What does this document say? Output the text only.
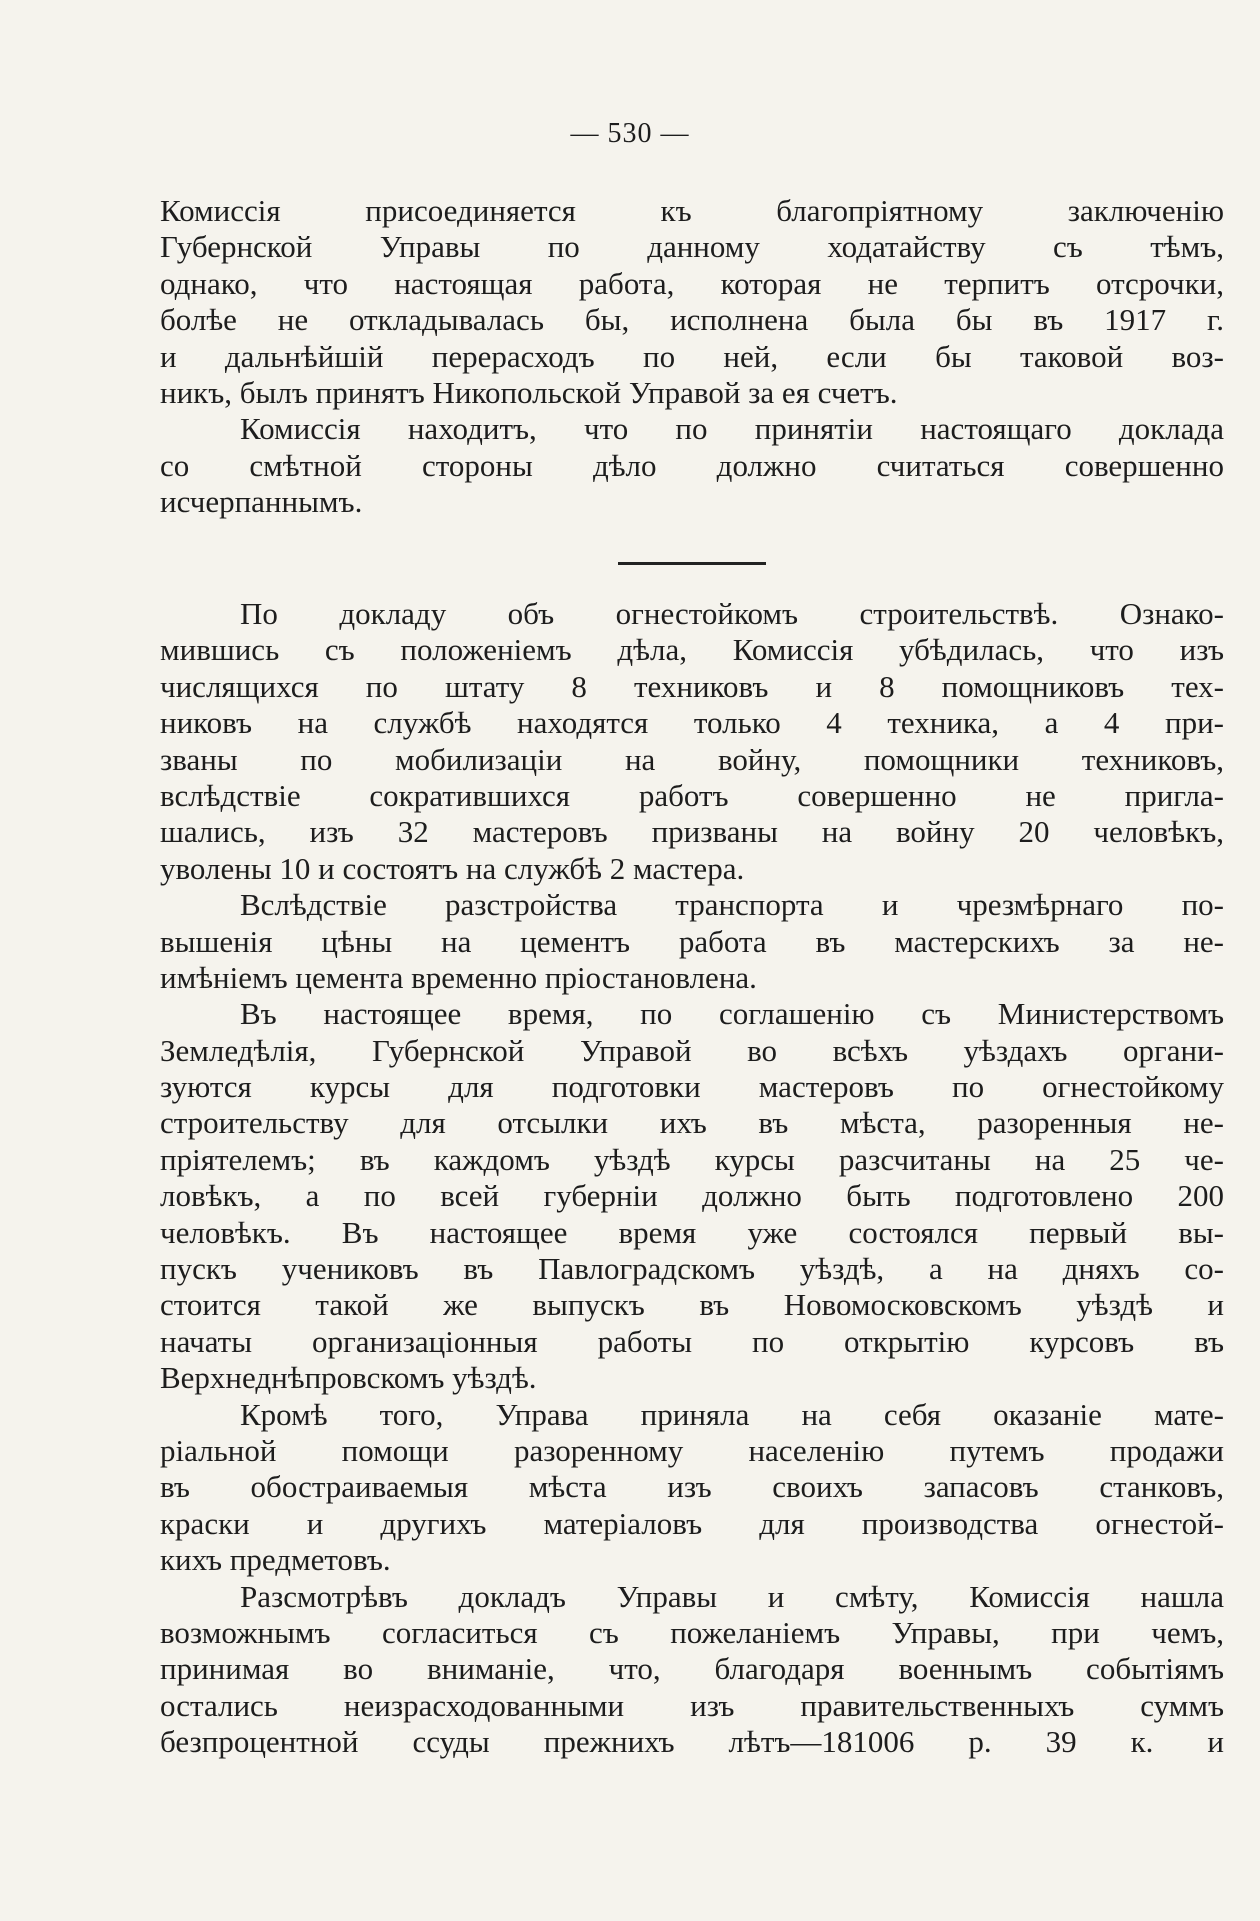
— 530 —
Комиссія присоединяется къ благопріятному заключенію
Губернской Управы по данному ходатайству съ тѣмъ,
однако, что настоящая работа, которая не терпитъ отсрочки,
болѣе не откладывалась бы, исполнена была бы въ 1917 г.
и дальнѣйшій перерасходъ по ней, если бы таковой воз-
никъ, былъ принятъ Никопольской Управой за ея счетъ.
Комиссія находитъ, что по принятіи настоящаго доклада
со смѣтной стороны дѣло должно считаться совершенно
исчерпаннымъ.
По докладу объ огнестойкомъ строительствѣ. Ознако-
мившись съ положеніемъ дѣла, Комиссія убѣдилась, что изъ
числящихся по штату 8 техниковъ и 8 помощниковъ тех-
никовъ на службѣ находятся только 4 техника, а 4 при-
званы по мобилизаціи на войну, помощники техниковъ,
вслѣдствіе сократившихся работъ совершенно не пригла-
шались, изъ 32 мастеровъ призваны на войну 20 человѣкъ,
уволены 10 и состоятъ на службѣ 2 мастера.
Вслѣдствіе разстройства транспорта и чрезмѣрнаго по-
вышенія цѣны на цементъ работа въ мастерскихъ за не-
имѣніемъ цемента временно пріостановлена.
Въ настоящее время, по соглашенію съ Министерствомъ
Земледѣлія, Губернской Управой во всѣхъ уѣздахъ органи-
зуются курсы для подготовки мастеровъ по огнестойкому
строительству для отсылки ихъ въ мѣста, разоренныя не-
пріятелемъ; въ каждомъ уѣздѣ курсы разсчитаны на 25 че-
ловѣкъ, а по всей губерніи должно быть подготовлено 200
человѣкъ. Въ настоящее время уже состоялся первый вы-
пускъ учениковъ въ Павлоградскомъ уѣздѣ, а на дняхъ со-
стоится такой же выпускъ въ Новомосковскомъ уѣздѣ и
начаты организаціонныя работы по открытію курсовъ въ
Верхнеднѣпровскомъ уѣздѣ.
Кромѣ того, Управа приняла на себя оказаніе мате-
ріальной помощи разоренному населенію путемъ продажи
въ обостраиваемыя мѣста изъ своихъ запасовъ станковъ,
краски и другихъ матеріаловъ для производства огнестой-
кихъ предметовъ.
Разсмотрѣвъ докладъ Управы и смѣту, Комиссія нашла
возможнымъ согласиться съ пожеланіемъ Управы, при чемъ,
принимая во вниманіе, что, благодаря военнымъ событіямъ
остались неизрасходованными изъ правительственныхъ суммъ
безпроцентной ссуды прежнихъ лѣтъ—181006 р. 39 к. и
